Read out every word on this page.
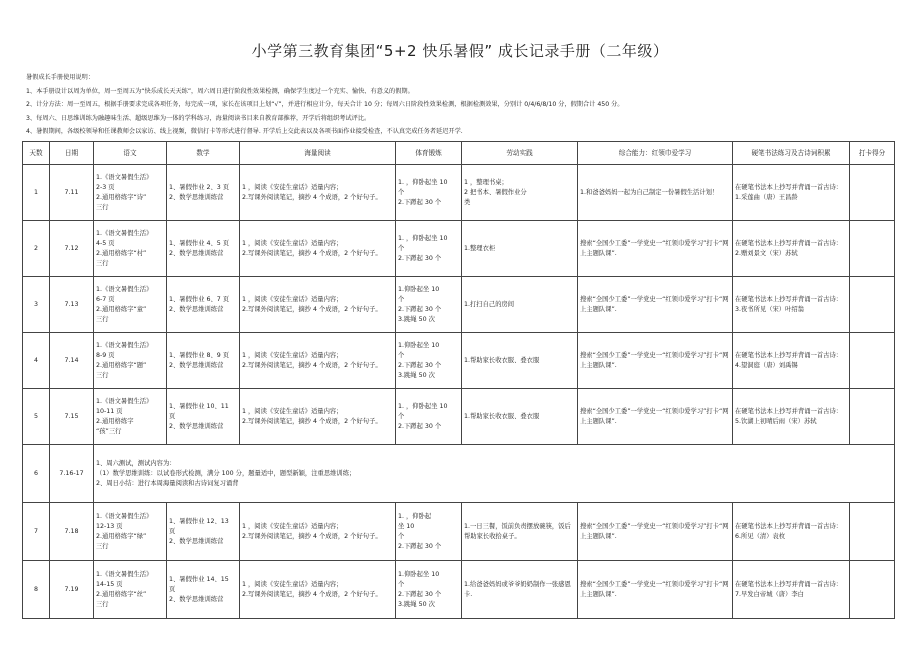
小学第三教育集团“5+2 快乐暑假” 成长记录手册（二年级）
暑假成长手册使用说明：
1、本手册设计以周为单位，周一至周五为“快乐成长天天练”，周六周日进行阶段性效果检测，确保学生度过一个充实、愉快、有意义的假期。
2、计分方法：周一至周五，根据手册要求完成各项任务，每完成一项，家长在该项目上划“√”，并进行相应计分，每天合计 10 分；每周六日阶段性效果检测，根据检测效果，分别计 0/4/6/8/10 分，假期合计 450 分。
3、每周六、日思维训练为融趣味生活、超级思维为一体的学科练习，海量阅读书目来自教育部推荐，开学后将组织考试评比。
4、暑假期间，各级校领导和任课教师会以家访、线上视频，微信打卡等形式进行督导. 开学后上交此表以及各项书面作业接受检查，不认真完成任务者延迟开学.
天数	日期	语文	数学	海量阅读	体育锻炼	劳动实践	综合能力：红领巾爱学习	硬笔书法练习及古诗词积累	打卡得分
1	7.11	1.《语文暑假生活》
2-3 页
2.通用格练字“诗”
三行	1、暑假作业 2、3 页
2、数学思维训练营	1 ，阅读《安徒生童话》适量内容；
2.写课外阅读笔记，摘抄 4 个成语，2 个好句子。	1. ，仰卧起坐 10
个
2.下蹲起 30 个	1 ，整理书桌；
2 把书本、暑假作业分
类	1.和爸爸妈妈一起为自己制定一份暑假生活计划！	在硬笔书法本上抄写并背诵一首古诗：
1.采莲曲（唐）王昌龄	
2	7.12	1.《语文暑假生活》
4-5 页
2.通用格练字“村”
三行	1、暑假作业 4、5 页
2、数学思维训练营	1 ，阅读《安徒生童话》适量内容；
2.写课外阅读笔记，摘抄 4 个成语，2 个好句子。	1. ，仰卧起坐 10
个
2.下蹲起 30 个	1.整理衣柜	搜索“全国少工委”一学党史一“红领巾爱学习”打卡“网上主题队课”.	在硬笔书法本上抄写并背诵一首古诗：
2.赠刘景文（宋）苏轼	
3	7.13	1.《语文暑假生活》
6-7 页
2.通用格练字“童”
三行	1、暑假作业 6、7 页
2、数学思维训练营	1 ，阅读《安徒生童话》适量内容；
2.写课外阅读笔记，摘抄 4 个成语，2 个好句子。	1.仰卧起坐 10
个
2.下蹲起 30 个
3.跳绳 50 次	1.打扫自己的房间	搜索“全国少工委”一学党史一“红领巾爱学习”打卡“网上主题队课”.	在硬笔书法本上抄写并背诵一首古诗：
3.夜书所见（宋）叶绍翁	
4	7.14	1.《语文暑假生活》
8-9 页
2.通用格练字“题”
三行	1、暑假作业 8、9 页
2、数学思维训练营	1 ，阅读《安徒生童话》适量内容；
2.写课外阅读笔记，摘抄 4 个成语，2 个好句子。	1.仰卧起坐 10
个
2.下蹲起 30 个
3.跳绳 50 次	1.帮助家长收衣服、叠衣服	搜索“全国少工委”一学党史一“红领巾爱学习”打卡“网上主题队课”.	在硬笔书法本上抄写并背诵一首古诗：
4.望洞庭（唐）刘禹锡	
5	7.15	1.《语文暑假生活》
10-11 页
2.通用格练字
“孩”三行	1、暑假作业 10、11
页
2、数学思维训练营	1 ，阅读《安徒生童话》适量内容；
2.写课外阅读笔记，摘抄 4 个成语，2 个好句子。	1. ，仰卧起坐 10
个
2.下蹲起 30 个	1.帮助家长收衣服、叠衣服	搜索“全国少工委”一学党史一“红领巾爱学习”打卡“网上主题队课”.	在硬笔书法本上抄写并背诵一首古诗：
5.饮湖上初晴后雨（宋）苏轼	
6	7.16-17	1、周六测试，测试内容为：
（1）数学思维训练：以试卷形式检测，满分 100 分，题量适中，题型新颖，注重思维训练；
2、周日小结：进行本周海量阅读和古诗词复习诵背							
7	7.18	1.《语文暑假生活》
12-13 页
2.通用格练字“绿”
三行	1、暑假作业 12、13
页
2、数学思维训练营	1 ，阅读《安徒生童话》适量内容；
2.写课外阅读笔记，摘抄 4 个成语，2 个好句子。	1. ，仰卧起
坐 10
个
2.下蹲起 30 个	1.一日三餐，饭前负责摆放碗筷，饭后帮助家长收拾桌子。	搜索“全国少工委”一学党史一“红领巾爱学习”打卡“网上主题队课”.	在硬笔书法本上抄写并背诵一首古诗：
6.所见（清）袁枚	
8	7.19	1.《语文暑假生活》
14-15 页
2.通用格练字“丝”
三行	1、暑假作业 14、15
页
2、数学思维训练营	1 ，阅读《安徒生童话》适量内容；
2.写课外阅读笔记，摘抄 4 个成语，2 个好句子。	1.仰卧起坐 10
个
2.下蹲起 30 个
3.跳绳 50 次	1.给爸爸妈妈或爷爷奶奶制作一张感恩卡.	搜索“全国少工委”一学党史一“红领巾爱学习”打卡“网上主题队课”.	在硬笔书法本上抄写并背诵一首古诗：
7.早发白帝城（唐）李白	
